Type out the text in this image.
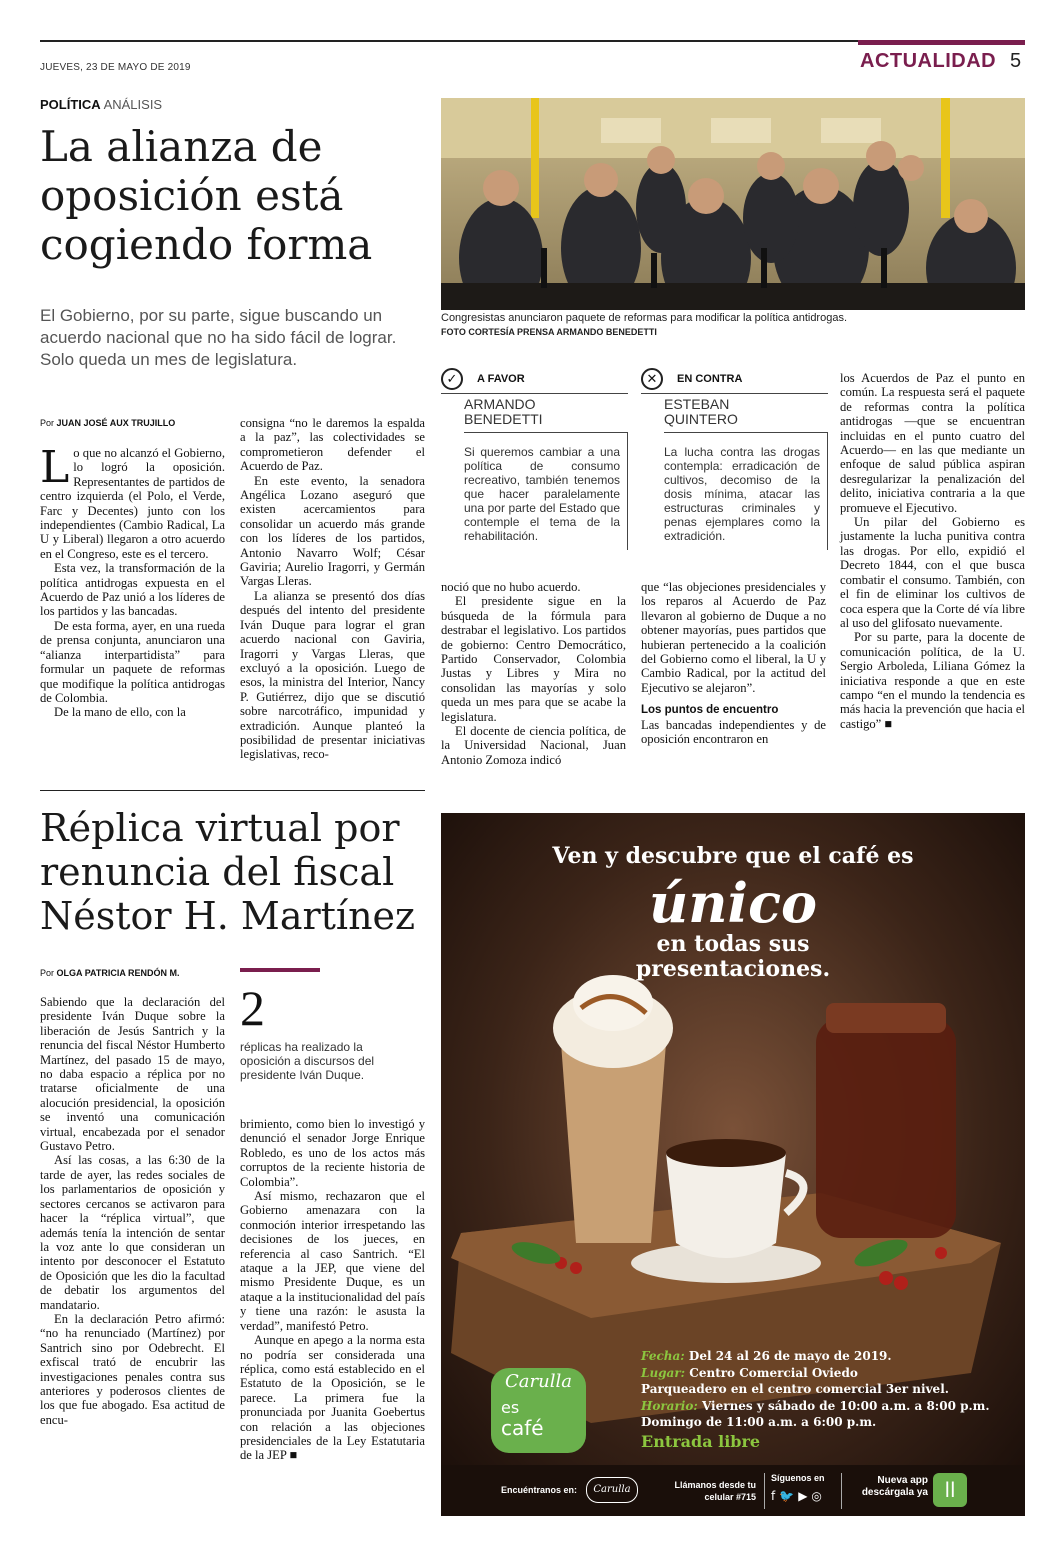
JUEVES, 23 DE MAYO DE 2019	ACTUALIDAD 5
POLÍTICA ANÁLISIS
La alianza de oposición está cogiendo forma
El Gobierno, por su parte, sigue buscando un acuerdo nacional que no ha sido fácil de lograr. Solo queda un mes de legislatura.
Congresistas anunciaron paquete de reformas para modificar la política antidrogas.
FOTO CORTESÍA PRENSA ARMANDO BENEDETTI
✓	A FAVOR
ARMANDO BENEDETTI
Si queremos cambiar a una política de consumo recreativo, también tenemos que hacer paralelamente una por parte del Estado que contemple el tema de la rehabilitación.
✕	EN CONTRA
ESTEBAN QUINTERO
La lucha contra las drogas contempla: erradicación de cultivos, decomiso de la dosis mínima, atacar las estructuras criminales y penas ejemplares como la extradición.
Por JUAN JOSÉ AUX TRUJILLO

Lo que no alcanzó el Gobierno, lo logró la oposición. Representantes de partidos de centro izquierda (el Polo, el Verde, Farc y Decentes) junto con los independientes (Cambio Radical, La U y Liberal) llegaron a otro acuerdo en el Congreso, este es el tercero.

Esta vez, la transformación de la política antidrogas expuesta en el Acuerdo de Paz unió a los líderes de los partidos y las bancadas.

De esta forma, ayer, en una rueda de prensa conjunta, anunciaron una “alianza interpartidista” para formular un paquete de reformas que modifique la política antidrogas de Colombia.

De la mano de ello, con la

consigna “no le daremos la espalda a la paz”, las colectividades se comprometieron defender el Acuerdo de Paz.

En este evento, la senadora Angélica Lozano aseguró que existen acercamientos para consolidar un acuerdo más grande con los líderes de los partidos, Antonio Navarro Wolf; César Gaviria; Aurelio Iragorri, y Germán Vargas Lleras.

La alianza se presentó dos días después del intento del presidente Iván Duque para lograr el gran acuerdo nacional con Gaviria, Iragorri y Vargas Lleras, que excluyó a la oposición. Luego de esos, la ministra del Interior, Nancy P. Gutiérrez, dijo que se discutió sobre narcotráfico, impunidad y extradición. Aunque planteó la posibilidad de presentar iniciativas legislativas, reco-

noció que no hubo acuerdo.

El presidente sigue en la búsqueda de la fórmula para destrabar el legislativo. Los partidos de gobierno: Centro Democrático, Partido Conservador, Colombia Justas y Libres y Mira no consolidan las mayorías y solo queda un mes para que se acabe la legislatura.

El docente de ciencia política, de la Universidad Nacional, Juan Antonio Zomoza indicó

que “las objeciones presidenciales y los reparos al Acuerdo de Paz llevaron al gobierno de Duque a no obtener mayorías, pues partidos que hubieran pertenecido a la coalición del Gobierno como el liberal, la U y Cambio Radical, por la actitud del Ejecutivo se alejaron”.

Los puntos de encuentro

Las bancadas independientes y de oposición encontraron en

los Acuerdos de Paz el punto en común. La respuesta será el paquete de reformas contra la política antidrogas —que se encuentran incluidas en el punto cuatro del Acuerdo— en las que mediante un enfoque de salud pública aspiran desregularizar la penalización del delito, iniciativa contraria a la que promueve el Ejecutivo.

Un pilar del Gobierno es justamente la lucha punitiva contra las drogas. Por ello, expidió el Decreto 1844, con el que busca combatir el consumo. También, con el fin de eliminar los cultivos de coca espera que la Corte dé vía libre al uso del glifosato nuevamente.

Por su parte, para la docente de comunicación política, de la U. Sergio Arboleda, Liliana Gómez la iniciativa responde a que en este campo “en el mundo la tendencia es más hacia la prevención que hacia el castigo” ■

Réplica virtual por renuncia del fiscal Néstor H. Martínez
Por OLGA PATRICIA RENDÓN M.
2
réplicas ha realizado la oposición a discursos del presidente Iván Duque.

Sabiendo que la declaración del presidente Iván Duque sobre la liberación de Jesús Santrich y la renuncia del fiscal Néstor Humberto Martínez, del pasado 15 de mayo, no daba espacio a réplica por no tratarse oficialmente de una alocución presidencial, la oposición se inventó una comunicación virtual, encabezada por el senador Gustavo Petro.

Así las cosas, a las 6:30 de la tarde de ayer, las redes sociales de los parlamentarios de oposición y sectores cercanos se activaron para hacer la “réplica virtual”, que además tenía la intención de sentar la voz ante lo que consideran un intento por desconocer el Estatuto de Oposición que les dio la facultad de debatir los argumentos del mandatario.

En la declaración Petro afirmó: “no ha renunciado (Martínez) por Santrich sino por Odebrecht. El exfiscal trató de encubrir las investigaciones penales contra sus anteriores y poderosos clientes de los que fue abogado. Esa actitud de encu-

brimiento, como bien lo investigó y denunció el senador Jorge Enrique Robledo, es uno de los actos más corruptos de la reciente historia de Colombia”.

Así mismo, rechazaron que el Gobierno amenazara con la conmoción interior irrespetando las decisiones de los jueces, en referencia al caso Santrich. “El ataque a la JEP, que viene del mismo Presidente Duque, es un ataque a la institucionalidad del país y tiene una razón: le asusta la verdad”, manifestó Petro.

Aunque en apego a la norma esta no podría ser considerada una réplica, como está establecido en el Estatuto de la Oposición, se le parece. La primera fue la pronunciada por Juanita Goebertus con relación a las objeciones presidenciales de la Ley Estatutaria de la JEP ■

Ven y descubre que el café es
único
en todas sus
presentaciones.
Carulla
es
café
Fecha: Del 24 al 26 de mayo de 2019.
Lugar: Centro Comercial Oviedo
Parqueadero en el centro comercial 3er nivel.
Horario: Viernes y sábado de 10:00 a.m. a 8:00 p.m.
Domingo de 11:00 a.m. a 6:00 p.m.
Entrada libre
Encuéntranos en:	Carulla	Llámanos desde tu celular #715
Síguenos en
f🐦▶◎
Nueva app descárgala ya ll
